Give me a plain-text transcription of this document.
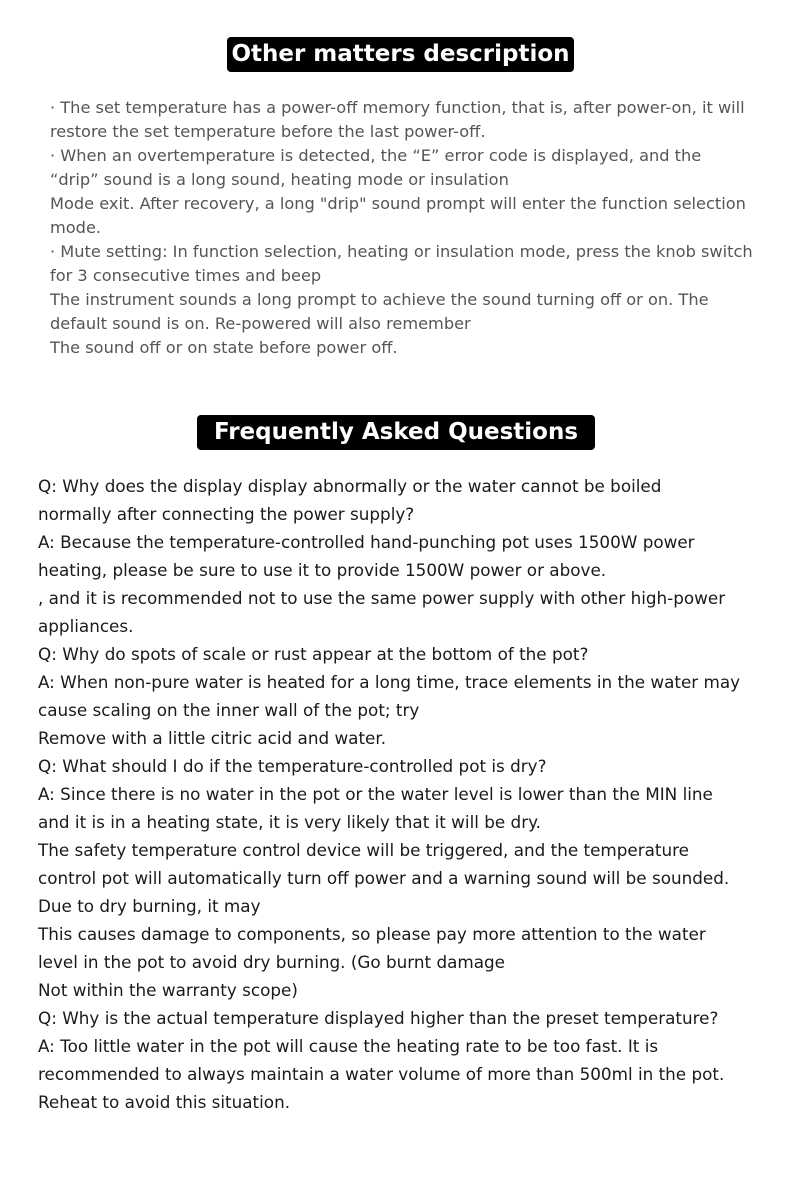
Other matters description
· The set temperature has a power-off memory function, that is, after power-on, it will
restore the set temperature before the last power-off.
· When an overtemperature is detected, the “E” error code is displayed, and the
“drip” sound is a long sound, heating mode or insulation
Mode exit. After recovery, a long "drip" sound prompt will enter the function selection
mode.
· Mute setting: In function selection, heating or insulation mode, press the knob switch
for 3 consecutive times and beep
The instrument sounds a long prompt to achieve the sound turning off or on. The
default sound is on. Re-powered will also remember
The sound off or on state before power off.
Frequently Asked Questions
Q: Why does the display display abnormally or the water cannot be boiled
normally after connecting the power supply?
A: Because the temperature-controlled hand-punching pot uses 1500W power
heating, please be sure to use it to provide 1500W power or above.
, and it is recommended not to use the same power supply with other high-power
appliances.
Q: Why do spots of scale or rust appear at the bottom of the pot?
A: When non-pure water is heated for a long time, trace elements in the water may
cause scaling on the inner wall of the pot; try
Remove with a little citric acid and water.
Q: What should I do if the temperature-controlled pot is dry?
A: Since there is no water in the pot or the water level is lower than the MIN line
and it is in a heating state, it is very likely that it will be dry.
The safety temperature control device will be triggered, and the temperature
control pot will automatically turn off power and a warning sound will be sounded.
Due to dry burning, it may
This causes damage to components, so please pay more attention to the water
level in the pot to avoid dry burning. (Go burnt damage
Not within the warranty scope)
Q: Why is the actual temperature displayed higher than the preset temperature?
A: Too little water in the pot will cause the heating rate to be too fast. It is
recommended to always maintain a water volume of more than 500ml in the pot.
Reheat to avoid this situation.
